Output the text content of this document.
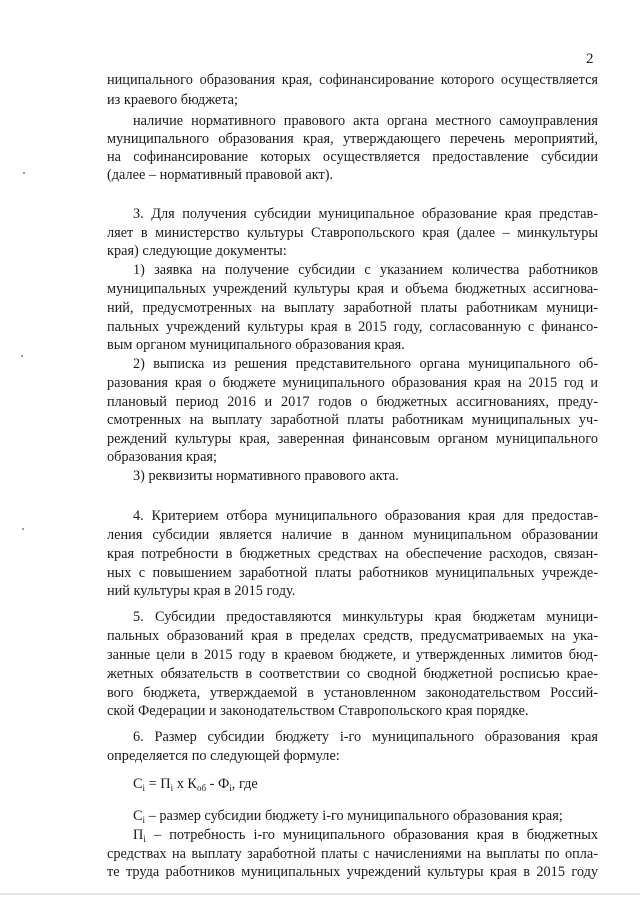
2
ниципального образования края, софинансирование которого осуществляется
из краевого бюджета;
наличие нормативного правового акта органа местного самоуправления
муниципального образования края, утверждающего перечень мероприятий,
на софинансирование которых осуществляется предоставление субсидии
(далее – нормативный правовой акт).
3. Для получения субсидии муниципальное образование края представ-
ляет в министерство культуры Ставропольского края (далее – минкультуры
края) следующие документы:
1) заявка на получение субсидии с указанием количества работников
муниципальных учреждений культуры края и объема бюджетных ассигнова-
ний, предусмотренных на выплату заработной платы работникам муници-
пальных учреждений культуры края в 2015 году, согласованную с финансо-
вым органом муниципального образования края.
2) выписка из решения представительного органа муниципального об-
разования края о бюджете муниципального образования края на 2015 год и
плановый период 2016 и 2017 годов о бюджетных ассигнованиях, преду-
смотренных на выплату заработной платы работникам муниципальных уч-
реждений культуры края, заверенная финансовым органом муниципального
образования края;
3) реквизиты нормативного правового акта.
4. Критерием отбора муниципального образования края для предостав-
ления субсидии является наличие в данном муниципальном образовании
края потребности в бюджетных средствах на обеспечение расходов, связан-
ных с повышением заработной платы работников муниципальных учрежде-
ний культуры края в 2015 году.
5. Субсидии предоставляются минкультуры края бюджетам муници-
пальных образований края в пределах средств, предусматриваемых на ука-
занные цели в 2015 году в краевом бюджете, и утвержденных лимитов бюд-
жетных обязательств в соответствии со сводной бюджетной росписью крае-
вого бюджета, утверждаемой в установленном законодательством Россий-
ской Федерации и законодательством Ставропольского края порядке.
6. Размер субсидии бюджету i-го муниципального образования края
определяется по следующей формуле:
$C_i = П_i$ х $К_{об} - Ф_i$, где
$C_i$ – размер субсидии бюджету i-го муниципального образования края;
$П_i$ – потребность i-го муниципального образования края в бюджетных
средствах на выплату заработной платы с начислениями на выплаты по опла-
те труда работников муниципальных учреждений культуры края в 2015 году
